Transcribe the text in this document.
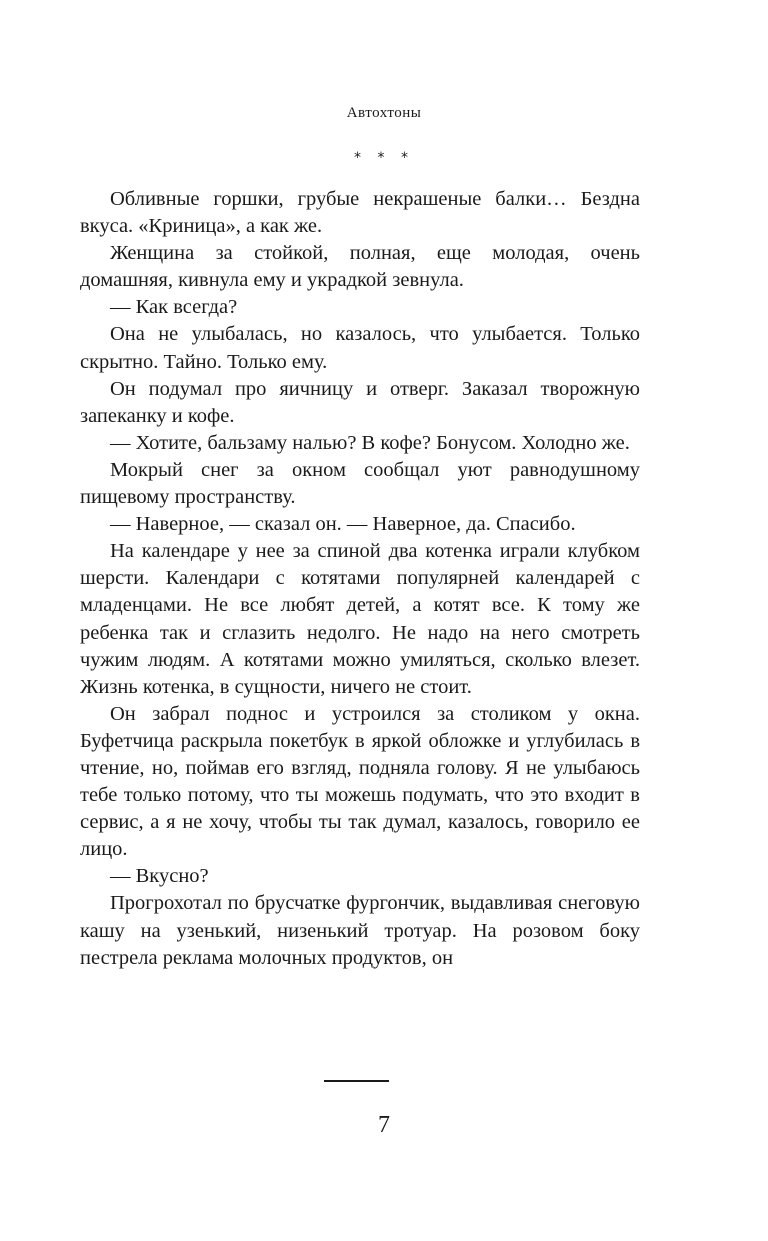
Автохтоны
* * *

Обливные горшки, грубые некрашеные балки… Бездна вкуса. «Криница», а как же.

Женщина за стойкой, полная, еще молодая, очень домашняя, кивнула ему и украдкой зевнула.

— Как всегда?

Она не улыбалась, но казалось, что улыбается. Только скрытно. Тайно. Только ему.

Он подумал про яичницу и отверг. Заказал творожную запеканку и кофе.

— Хотите, бальзаму налью? В кофе? Бонусом. Холодно же.

Мокрый снег за окном сообщал уют равнодушному пищевому пространству.

— Наверное, — сказал он. — Наверное, да. Спасибо.

На календаре у нее за спиной два котенка играли клубком шерсти. Календари с котятами популярней календарей с младенцами. Не все любят детей, а котят все. К тому же ребенка так и сглазить недолго. Не надо на него смотреть чужим людям. А котятами можно умиляться, сколько влезет. Жизнь котенка, в сущности, ничего не стоит.

Он забрал поднос и устроился за столиком у окна. Буфетчица раскрыла покетбук в яркой обложке и углубилась в чтение, но, поймав его взгляд, подняла голову. Я не улыбаюсь тебе только потому, что ты можешь подумать, что это входит в сервис, а я не хочу, чтобы ты так думал, казалось, говорило ее лицо.

— Вкусно?

Прогрохотал по брусчатке фургончик, выдавливая снеговую кашу на узенький, низенький тротуар. На розовом боку пестрела реклама молочных продуктов, он

7
